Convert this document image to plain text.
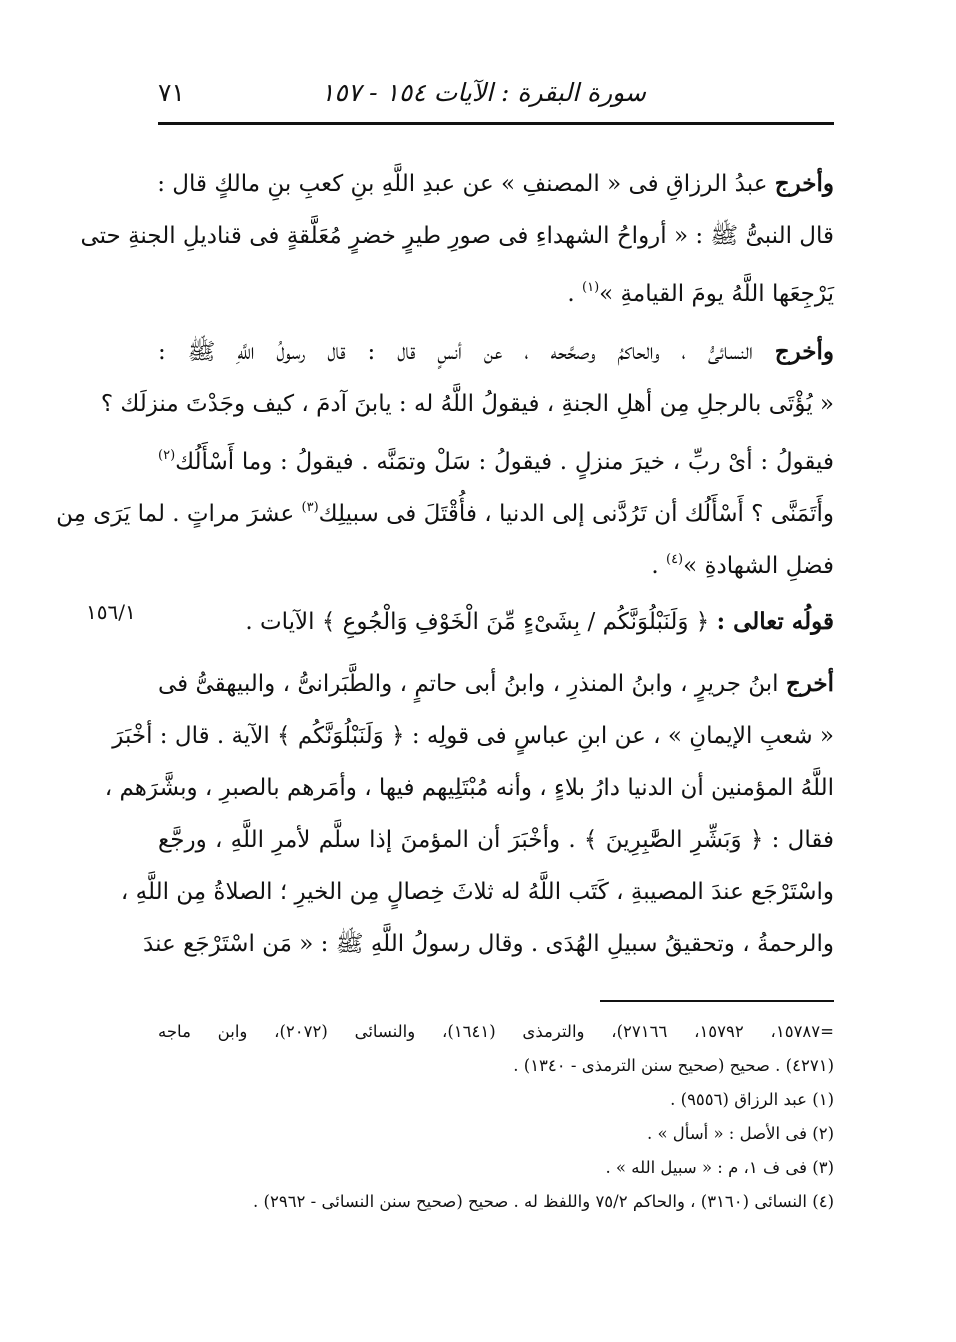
سورة البقرة : الآيات ١٥٤ - ١٥٧
٧١
وأخرج عبدُ الرزاقِ فى « المصنفِ » عن عبدِ اللَّهِ بنِ كعبِ بنِ مالكٍ قال :
قال النبىُّ ﷺ : « أرواحُ الشهداءِ فى صورِ طيرٍ خضرٍ مُعَلَّقةٍ فى قناديلِ الجنةِ حتى
يَرْجِعَها اللَّهُ يومَ القيامةِ »$^{(١)}$ .
وأخرج النسائىُّ ، والحاكمُ وصحَّحه ، عن أنسٍ قال : قال رسولُ اللَّهِ ﷺ :
« يُؤْتَى بالرجلِ مِن أهلِ الجنةِ ، فيقولُ اللَّهُ له : يابنَ آدمَ ، كيف وجَدْتَ منزلَك ؟
فيقولُ : أىْ ربِّ ، خيرَ منزلٍ . فيقولُ : سَلْ وتمَنَّه . فيقولُ : وما أَسْأَلُك$^{(٢)}$
وأَتَمَنَّى ؟ أَسْأَلُك أن تَرُدَّنى إلى الدنيا ، فأُقْتَلَ فى سبيلِك$^{(٣)}$ عشرَ مراتٍ . لما يَرَى مِن
فضلِ الشهادةِ »$^{(٤)}$ .
قولُه تعالى : ﴿ وَلَنَبْلُوَنَّكُم / بِشَىْءٍ مِّنَ الْخَوْفِ وَالْجُوعِ ﴾ الآيات .
١٥٦/١
أخرج ابنُ جريرٍ ، وابنُ المنذرِ ، وابنُ أبى حاتمٍ ، والطَّبَرانىُّ ، والبيهقىُّ فى
« شعبِ الإيمانِ » ، عن ابنِ عباسٍ فى قولِه : ﴿ وَلَنَبْلُوَنَّكُم ﴾ الآية . قال : أخْبَرَ
اللَّهُ المؤمنين أن الدنيا دارُ بلاءٍ ، وأنه مُبْتَلِيهم فيها ، وأمَرهم بالصبرِ ، وبشَّرَهم ،
فقال : ﴿ وَبَشِّرِ الصَّٰبِرِينَ ﴾ . وأخْبَرَ أن المؤمنَ إذا سلَّم لأمرِ اللَّهِ ، ورجَّع
واسْتَرْجَع عندَ المصيبةِ ، كَتَب اللَّهُ له ثلاثَ خِصالٍ مِن الخيرِ ؛ الصلاةُ مِن اللَّهِ ،
والرحمةُ ، وتحقيقُ سبيلِ الهُدَى . وقال رسولُ اللَّهِ ﷺ : « مَن اسْتَرْجَع عندَ
=١٥٧٨٧، ١٥٧٩٢، ٢٧١٦٦)، والترمذى (١٦٤١)، والنسائى (٢٠٧٢)، وابن ماجه
(٤٢٧١) . صحيح (صحيح سنن الترمذى - ١٣٤٠) .
(١) عبد الرزاق (٩٥٥٦) .
(٢) فى الأصل : « أسأل » .
(٣) فى ف ١، م : « سبيل الله » .
(٤) النسائى (٣١٦٠) ، والحاكم ٧٥/٢ واللفظ له . صحيح (صحيح سنن النسائى - ٢٩٦٢) .
